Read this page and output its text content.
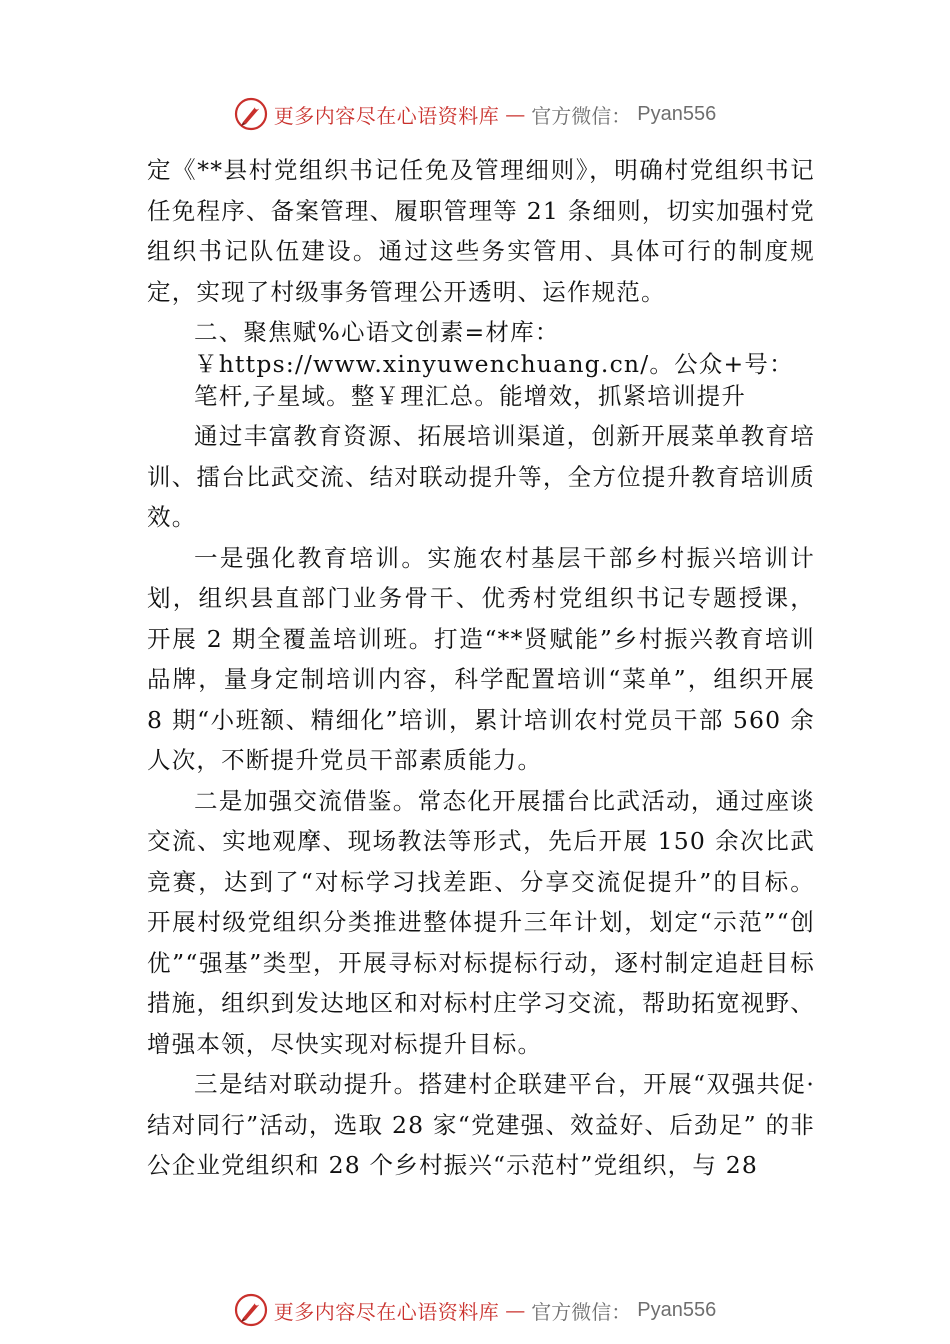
更多内容尽在心语资料库 — 官方微信： Pyan556

定《**县村党组织书记任免及管理细则》，明确村党组织书记任免程序、备案管理、履职管理等 21 条细则，切实加强村党组织书记队伍建设。通过这些务实管用、具体可行的制度规定，实现了村级事务管理公开透明、运作规范。

二、聚焦赋%心语文创素=材库：￥https://www.xinyuwenchuang.cn/。公众+号：笔杆,子星域。整￥理汇总。能增效，抓紧培训提升

通过丰富教育资源、拓展培训渠道，创新开展菜单教育培训、擂台比武交流、结对联动提升等，全方位提升教育培训质效。

一是强化教育培训。实施农村基层干部乡村振兴培训计划，组织县直部门业务骨干、优秀村党组织书记专题授课， 开展 2 期全覆盖培训班。打造“**贤赋能”乡村振兴教育培训品牌，量身定制培训内容，科学配置培训“菜单”，组织开展 8 期“小班额、精细化”培训，累计培训农村党员干部 560 余人次，不断提升党员干部素质能力。

二是加强交流借鉴。常态化开展擂台比武活动，通过座谈交流、实地观摩、现场教法等形式，先后开展 150 余次比武竞赛，达到了“对标学习找差距、分享交流促提升”的目标。开展村级党组织分类推进整体提升三年计划，划定“示范”“创优”“强基”类型，开展寻标对标提标行动，逐村制定追赶目标措施，组织到发达地区和对标村庄学习交流，帮助拓宽视野、增强本领，尽快实现对标提升目标。

三是结对联动提升。搭建村企联建平台，开展“双强共促·结对同行”活动，选取 28 家“党建强、效益好、后劲足” 的非公企业党组织和 28 个乡村振兴“示范村”党组织，与 28

更多内容尽在心语资料库 — 官方微信： Pyan556
